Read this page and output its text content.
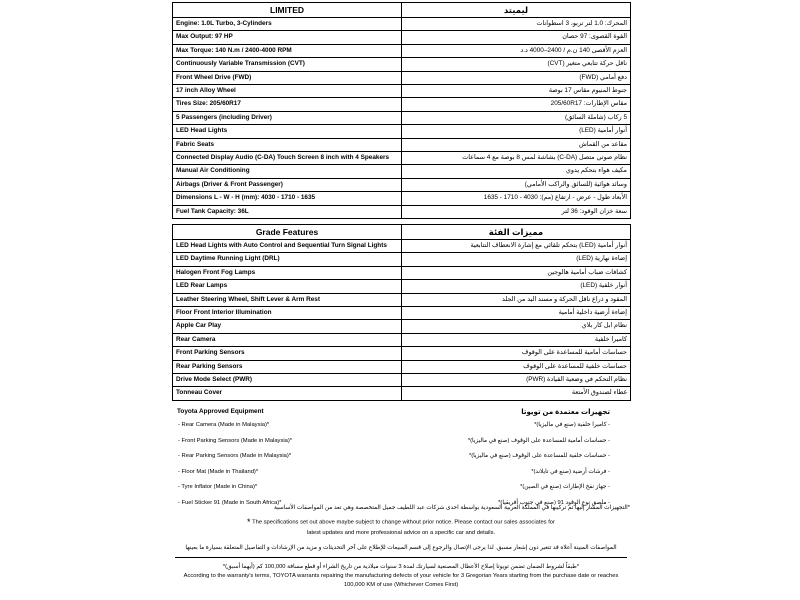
LIMITED	ليميتد
Engine: 1.0L Turbo, 3-Cylinders	المحرك: 1.0 لتر تربو، 3 اسطوانات
Max Output: 97 HP	القوة القصوى: 97 حصان
Max Torque: 140 N.m / 2400-4000 RPM	العزم الأقصى 140 ن.م / 2400–4000 د.د
Continuously Variable Transmission (CVT)	ناقل حركة تتابعي متغير (CVT)
Front Wheel Drive (FWD)	دفع أمامي (FWD)
17 inch Alloy Wheel	جنوط المنيوم مقاس 17 بوصة
Tires Size: 205/60R17	مقاس الإطارات: 205/60R17
5 Passengers (including Driver)	5 ركاب (شاملة السائق)
LED Head Lights	أنوار أمامية (LED)
Fabric Seats	مقاعد من القماش
Connected Display Audio (C-DA) Touch Screen 8 inch with 4 Speakers	نظام صوتي متصل (C-DA) بشاشة لمس 8 بوصة مع 4 سماعات
Manual Air Conditioning	مكيف هواء بتحكم يدوي
Airbags (Driver & Front Passenger)	وسائد هوائية (للسائق والراكب الأمامي)
Dimensions L - W - H (mm): 4030 - 1710 - 1635	الأبعاد طول - عرض - ارتفاع (مم): 4030 - 1710 - 1635
Fuel Tank Capacity: 36L	سعة خزان الوقود: 36 لتر
Grade Features	مميزات الفئة
LED Head Lights with Auto Control and Sequential Turn Signal Lights	أنوار أمامية (LED) بتحكم تلقائي مع إشارة الانعطاف التتابعية
LED Daytime Running Light (DRL)	إضاءة نهارية (LED)
Halogen Front Fog Lamps	كشافات ضباب أمامية هالوجين
LED Rear Lamps	أنوار خلفية (LED)
Leather Steering Wheel, Shift Lever & Arm Rest	المقود و ذراع ناقل الحركة و مسند اليد من الجلد
Floor Front Interior Illumination	إضاءة أرضية داخلية أمامية
Apple Car Play	نظام ابل كار بلاي
Rear Camera	كاميرا خلفية
Front Parking Sensors	حساسات أمامية للمساعدة على الوقوف
Rear Parking Sensors	حساسات خلفية للمساعدة على الوقوف
Drive Mode Select (PWR)	نظام التحكم في وضعية القيادة (PWR)
Tonneau Cover	غطاء لصندوق الأمتعة
Toyota Approved Equipment	تجهيزات معتمدة من تويوتا
- Rear Camera (Made in Malaysia)*	- كاميرا خلفية (صنع في ماليزيا)*
- Front Parking Sensors (Made in Malaysia)*	- حساسات أمامية للمساعدة على الوقوف (صنع في ماليزيا)*
- Rear Parking Sensors (Made in Malaysia)*	- حساسات خلفية للمساعدة على الوقوف (صنع في ماليزيا)*
- Floor Mat (Made in Thailand)*	- فرشات أرضية (صنع في تايلاند)*
- Tyre Inflator (Made in China)*	- جهاز نفخ الإطارات (صنع في الصين)*
- Fuel Sticker 91 (Made in South Africa)*	- ملصق نوع الوقود 91 (صنع في جنوب أفريقيا)*
*التجهيزات المشار إليها تم تركيبها في المملكة العربية السعودية بواسطة احدى شركات عبد اللطيف جميل المتخصصة وهي تعد من المواصفات الأساسية
* The specifications set out above maybe subject to change without prior notice. Please contact our sales associates for
latest updates and more professional advice on a specific car and details.
المواصفات المبينة أعلاه قد تتغير دون إشعار مسبق. لذا يرجى الإتصال والرجوع إلى قسم المبيعات للإطلاع على آخر التحديثات و مزيد من الإرشادات و التفاصيل المتعلقة بسيارة ما بعينها
*طبقاً لشروط الضمان تضمن تويوتا إصلاح الأعطال المصنعية لسيارتك لمدة 3 سنوات ميلادية من تاريخ الشراء أو قطع مسافة 100,000 كم (أيهما أسبق)*
According to the warranty's terms, TOYOTA warrants repairing the manufacturing defects of your vehicle for 3 Gregorian Years starting from the purchase date or reaches
100,000 KM of use (Whichever Comes First)
